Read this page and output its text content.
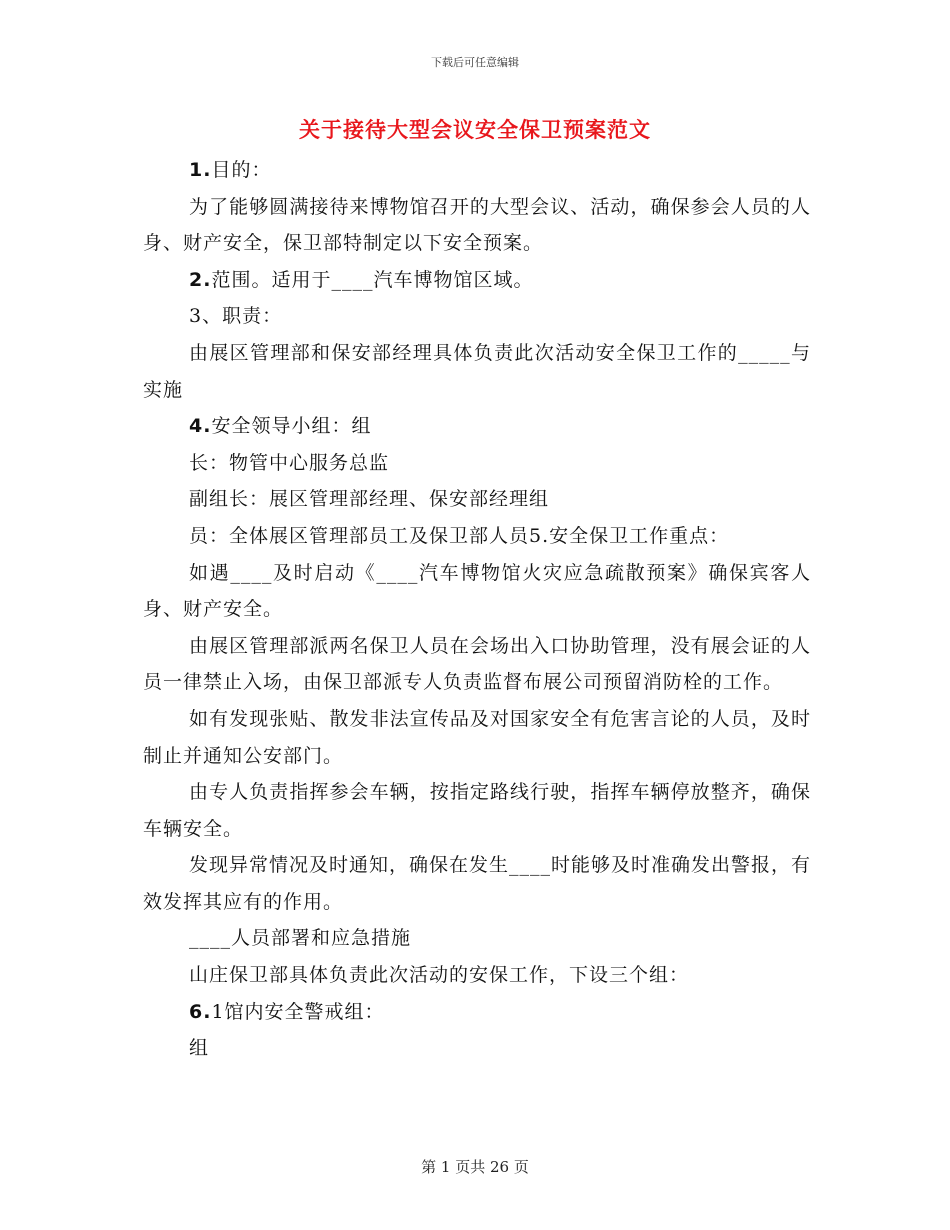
下载后可任意编辑
关于接待大型会议安全保卫预案范文

1.目的：

为了能够圆满接待来博物馆召开的大型会议、活动，确保参会人员的人身、财产安全，保卫部特制定以下安全预案。

2.范围。适用于____汽车博物馆区域。

3、职责：

由展区管理部和保安部经理具体负责此次活动安全保卫工作的_____与实施

4.安全领导小组：组

长：物管中心服务总监

副组长：展区管理部经理、保安部经理组

员：全体展区管理部员工及保卫部人员5.安全保卫工作重点：

如遇____及时启动《____汽车博物馆火灾应急疏散预案》确保宾客人身、财产安全。

由展区管理部派两名保卫人员在会场出入口协助管理，没有展会证的人员一律禁止入场，由保卫部派专人负责监督布展公司预留消防栓的工作。

如有发现张贴、散发非法宣传品及对国家安全有危害言论的人员，及时制止并通知公安部门。

由专人负责指挥参会车辆，按指定路线行驶，指挥车辆停放整齐，确保车辆安全。

发现异常情况及时通知，确保在发生____时能够及时准确发出警报，有效发挥其应有的作用。

____人员部署和应急措施

山庄保卫部具体负责此次活动的安保工作，下设三个组：

6.1馆内安全警戒组：

组

第 1 页共 26 页
